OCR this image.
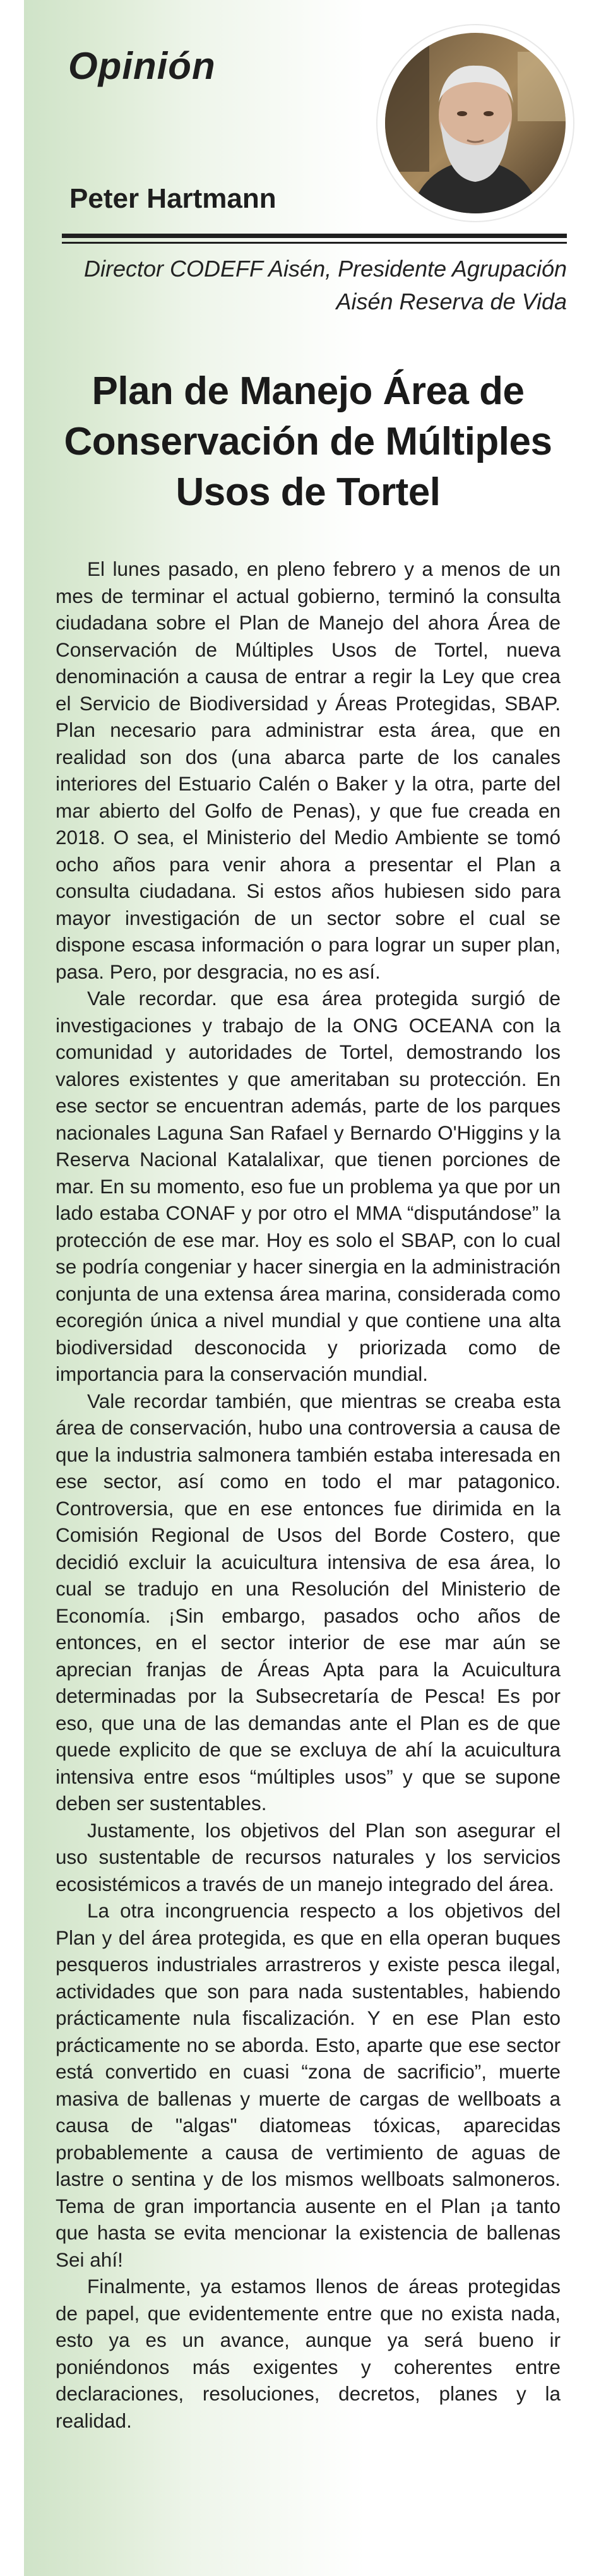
Opinión
Peter Hartmann
Director CODEFF Aisén, Presidente Agrupación
Aisén Reserva de Vida
Plan de Manejo Área de
Conservación de Múltiples
Usos de Tortel

El lunes pasado, en pleno febrero y a menos de un mes de terminar el actual gobierno, terminó la consulta ciudadana sobre el Plan de Manejo del ahora Área de Conservación de Múltiples Usos de Tortel, nueva denominación a causa de entrar a regir la Ley que crea el Servicio de Biodiversidad y Áreas Protegidas, SBAP. Plan necesario para administrar esta área, que en realidad son dos (una abarca parte de los canales interiores del Estuario Calén o Baker y la otra, parte del mar abierto del Golfo de Penas), y que fue creada en 2018. O sea, el Ministerio del Medio Ambiente se tomó ocho años para venir ahora a presentar el Plan a consulta ciudadana. Si estos años hubiesen sido para mayor investigación de un sector sobre el cual se dispone escasa información o para lograr un super plan, pasa. Pero, por desgracia, no es así.

Vale recordar. que esa área protegida surgió de investigaciones y trabajo de la ONG OCEANA con la comunidad y autoridades de Tortel, demostrando los valores existentes y que ameritaban su protección. En ese sector se encuentran además, parte de los parques nacionales Laguna San Rafael y Bernardo O'Higgins y la Reserva Nacional Katalalixar, que tienen porciones de mar. En su momento, eso fue un problema ya que por un lado estaba CONAF y por otro el MMA “disputándose” la protección de ese mar. Hoy es solo el SBAP, con lo cual se podría congeniar y hacer sinergia en la administración conjunta de una extensa área marina, considerada como ecoregión única a nivel mundial y que contiene una alta biodiversidad desconocida y priorizada como de importancia para la conservación mundial.

Vale recordar también, que mientras se creaba esta área de conservación, hubo una controversia a causa de que la industria salmonera también estaba interesada en ese sector, así como en todo el mar patagonico. Controversia, que en ese entonces fue dirimida en la Comisión Regional de Usos del Borde Costero, que decidió excluir la acuicultura intensiva de esa área, lo cual se tradujo en una Resolución del Ministerio de Economía. ¡Sin embargo, pasados ocho años de entonces, en el sector interior de ese mar aún se aprecian franjas de Áreas Apta para la Acuicultura determinadas por la Subsecretaría de Pesca! Es por eso, que una de las demandas ante el Plan es de que quede explicito de que se excluya de ahí la acuicultura intensiva entre esos “múltiples usos” y que se supone deben ser sustentables.

Justamente, los objetivos del Plan son asegurar el uso sustentable de recursos naturales y los servicios ecosistémicos a través de un manejo integrado del área.

La otra incongruencia respecto a los objetivos del Plan y del área protegida, es que en ella operan buques pesqueros industriales arrastreros y existe pesca ilegal, actividades que son para nada sustentables, habiendo prácticamente nula fiscalización. Y en ese Plan esto prácticamente no se aborda. Esto, aparte que ese sector está convertido en cuasi “zona de sacrificio”, muerte masiva de ballenas y muerte de cargas de wellboats a causa de "algas" diatomeas tóxicas, aparecidas probablemente a causa de vertimiento de aguas de lastre o sentina y de los mismos wellboats salmoneros. Tema de gran importancia ausente en el Plan ¡a tanto que hasta se evita mencionar la existencia de ballenas Sei ahí!

Finalmente, ya estamos llenos de áreas protegidas de papel, que evidentemente entre que no exista nada, esto ya es un avance, aunque ya será bueno ir poniéndonos más exigentes y coherentes entre declaraciones, resoluciones, decretos, planes y la realidad.
